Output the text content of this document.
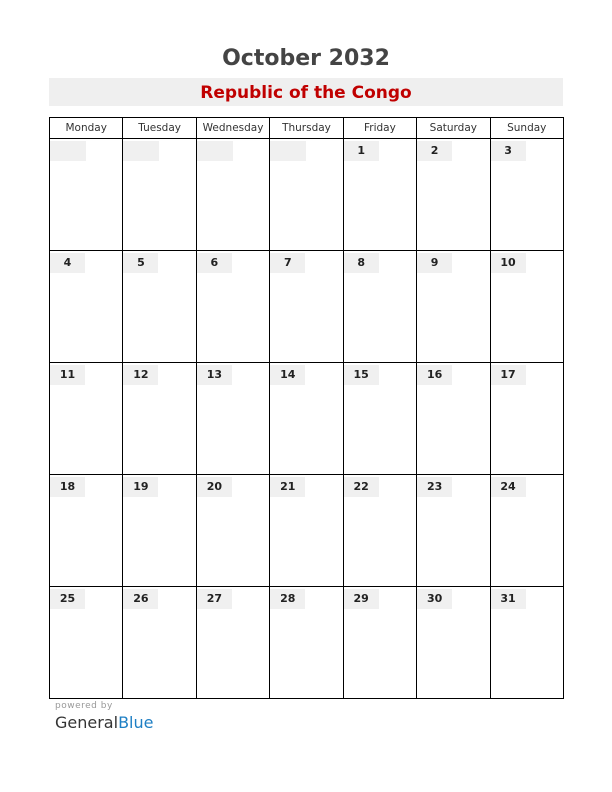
October 2032
Republic of the Congo
Monday	Tuesday	Wednesday	Thursday	Friday	Saturday	Sunday

				1	2	3

4	5	6	7	8	9	10

11	12	13	14	15	16	17

18	19	20	21	22	23	24

25	26	27	28	29	30	31
powered by
GeneralBlue
